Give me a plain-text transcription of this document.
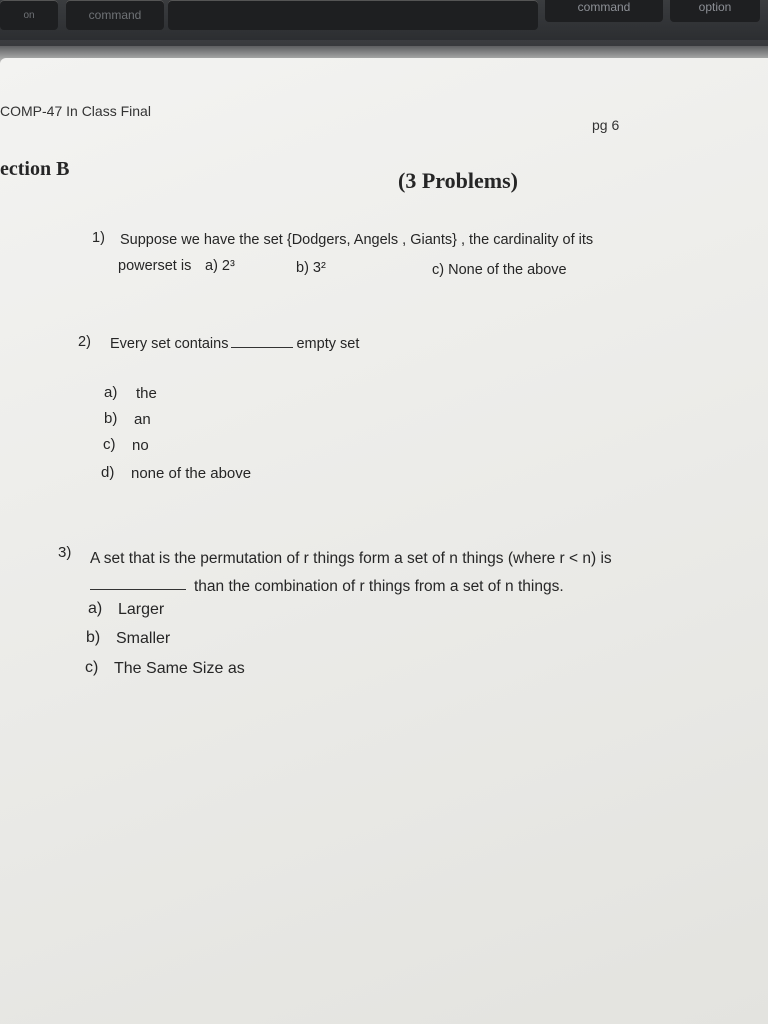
on	command
command	option
COMP-47 In Class Final
pg 6
ection B	(3 Problems)
1) Suppose we have the set {Dodgers, Angels , Giants} , the cardinality of its
powerset is a) 2³	b) 3²	c) None of the above
2) Every set contains	empty set
a) the
b) an
c) no
d) none of the above
3) A set that is the permutation of r things form a set of n things (where r < n) is
than the combination of r things from a set of n things.
a) Larger
b) Smaller
c) The Same Size as
